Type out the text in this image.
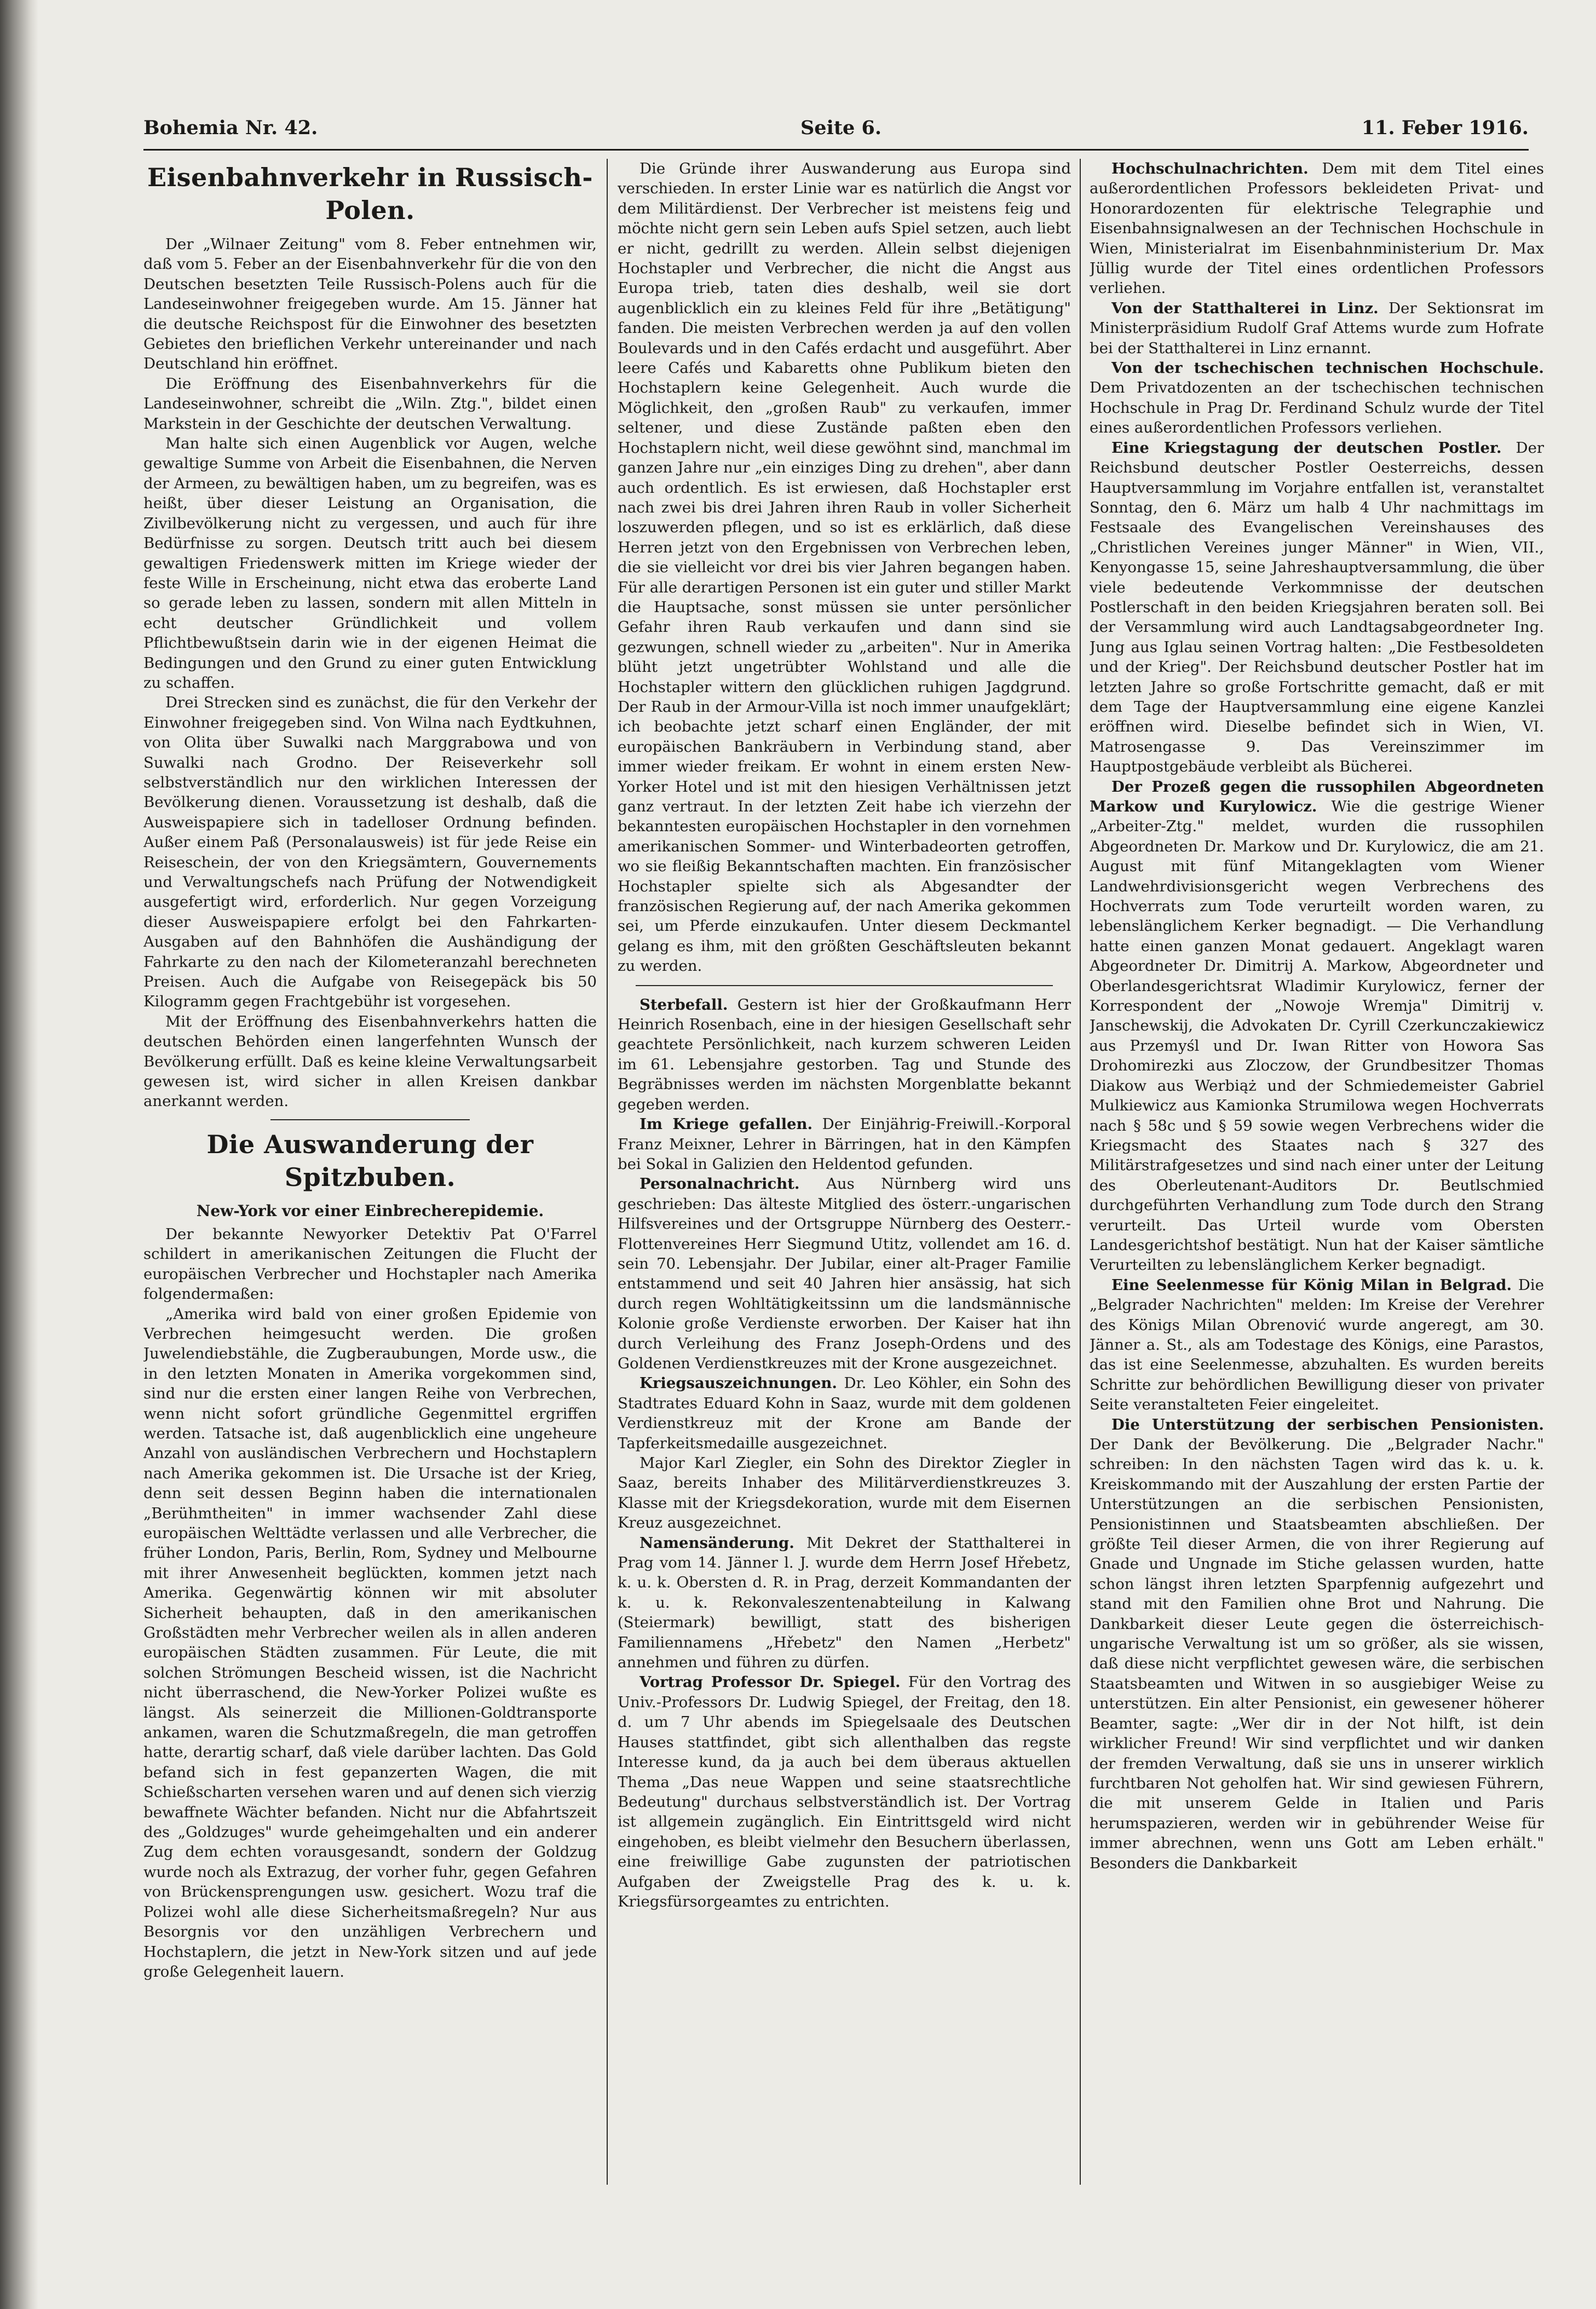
Bohemia Nr. 42.	Seite 6.	11. Feber 1916.
Eisenbahnverkehr in Russisch-Polen.

Der „Wilnaer Zeitung" vom 8. Feber entnehmen wir, daß vom 5. Feber an der Eisenbahnverkehr für die von den Deutschen besetzten Teile Russisch-Polens auch für die Landeseinwohner freigegeben wurde. Am 15. Jänner hat die deutsche Reichspost für die Einwohner des besetzten Gebietes den brieflichen Verkehr untereinander und nach Deutschland hin eröffnet.

Die Eröffnung des Eisenbahnverkehrs für die Landeseinwohner, schreibt die „Wiln. Ztg.", bildet einen Markstein in der Geschichte der deutschen Verwaltung.

Man halte sich einen Augenblick vor Augen, welche gewaltige Summe von Arbeit die Eisenbahnen, die Nerven der Armeen, zu bewältigen haben, um zu begreifen, was es heißt, über dieser Leistung an Organisation, die Zivilbevölkerung nicht zu vergessen, und auch für ihre Bedürfnisse zu sorgen. Deutsch tritt auch bei diesem gewaltigen Friedenswerk mitten im Kriege wieder der feste Wille in Erscheinung, nicht etwa das eroberte Land so gerade leben zu lassen, sondern mit allen Mitteln in echt deutscher Gründlichkeit und vollem Pflichtbewußtsein darin wie in der eigenen Heimat die Bedingungen und den Grund zu einer guten Entwicklung zu schaffen.

Drei Strecken sind es zunächst, die für den Verkehr der Einwohner freigegeben sind. Von Wilna nach Eydtkuhnen, von Olita über Suwalki nach Marggrabowa und von Suwalki nach Grodno. Der Reiseverkehr soll selbstverständlich nur den wirklichen Interessen der Bevölkerung dienen. Voraussetzung ist deshalb, daß die Ausweispapiere sich in tadelloser Ordnung befinden. Außer einem Paß (Personalausweis) ist für jede Reise ein Reiseschein, der von den Kriegsämtern, Gouvernements und Verwaltungschefs nach Prüfung der Notwendigkeit ausgefertigt wird, erforderlich. Nur gegen Vorzeigung dieser Ausweispapiere erfolgt bei den Fahrkarten-Ausgaben auf den Bahnhöfen die Aushändigung der Fahrkarte zu den nach der Kilometeranzahl berechneten Preisen. Auch die Aufgabe von Reisegepäck bis 50 Kilogramm gegen Frachtgebühr ist vorgesehen.

Mit der Eröffnung des Eisenbahnverkehrs hatten die deutschen Behörden einen langerfehnten Wunsch der Bevölkerung erfüllt. Daß es keine kleine Verwaltungsarbeit gewesen ist, wird sicher in allen Kreisen dankbar anerkannt werden.

Die Auswanderung der Spitzbuben.
New-York vor einer Einbrecherepidemie.

Der bekannte Newyorker Detektiv Pat O'Farrel schildert in amerikanischen Zeitungen die Flucht der europäischen Verbrecher und Hochstapler nach Amerika folgendermaßen:

„Amerika wird bald von einer großen Epidemie von Verbrechen heimgesucht werden. Die großen Juwelendiebstähle, die Zugberaubungen, Morde usw., die in den letzten Monaten in Amerika vorgekommen sind, sind nur die ersten einer langen Reihe von Verbrechen, wenn nicht sofort gründliche Gegenmittel ergriffen werden. Tatsache ist, daß augenblicklich eine ungeheure Anzahl von ausländischen Verbrechern und Hochstaplern nach Amerika gekommen ist. Die Ursache ist der Krieg, denn seit dessen Beginn haben die internationalen „Berühmtheiten" in immer wachsender Zahl diese europäischen Welttädte verlassen und alle Verbrecher, die früher London, Paris, Berlin, Rom, Sydney und Melbourne mit ihrer Anwesenheit beglückten, kommen jetzt nach Amerika. Gegenwärtig können wir mit absoluter Sicherheit behaupten, daß in den amerikanischen Großstädten mehr Verbrecher weilen als in allen anderen europäischen Städten zusammen. Für Leute, die mit solchen Strömungen Bescheid wissen, ist die Nachricht nicht überraschend, die New-Yorker Polizei wußte es längst. Als seinerzeit die Millionen-Goldtransporte ankamen, waren die Schutzmaßregeln, die man getroffen hatte, derartig scharf, daß viele darüber lachten. Das Gold befand sich in fest gepanzerten Wagen, die mit Schießscharten versehen waren und auf denen sich vierzig bewaffnete Wächter befanden. Nicht nur die Abfahrtszeit des „Goldzuges" wurde geheimgehalten und ein anderer Zug dem echten vorausgesandt, sondern der Goldzug wurde noch als Extrazug, der vorher fuhr, gegen Gefahren von Brückensprengungen usw. gesichert. Wozu traf die Polizei wohl alle diese Sicherheitsmaßregeln? Nur aus Besorgnis vor den unzähligen Verbrechern und Hochstaplern, die jetzt in New-York sitzen und auf jede große Gelegenheit lauern.

Die Gründe ihrer Auswanderung aus Europa sind verschieden. In erster Linie war es natürlich die Angst vor dem Militärdienst. Der Verbrecher ist meistens feig und möchte nicht gern sein Leben aufs Spiel setzen, auch liebt er nicht, gedrillt zu werden. Allein selbst diejenigen Hochstapler und Verbrecher, die nicht die Angst aus Europa trieb, taten dies deshalb, weil sie dort augenblicklich ein zu kleines Feld für ihre „Betätigung" fanden. Die meisten Verbrechen werden ja auf den vollen Boulevards und in den Cafés erdacht und ausgeführt. Aber leere Cafés und Kabaretts ohne Publikum bieten den Hochstaplern keine Gelegenheit. Auch wurde die Möglichkeit, den „großen Raub" zu verkaufen, immer seltener, und diese Zustände paßten eben den Hochstaplern nicht, weil diese gewöhnt sind, manchmal im ganzen Jahre nur „ein einziges Ding zu drehen", aber dann auch ordentlich. Es ist erwiesen, daß Hochstapler erst nach zwei bis drei Jahren ihren Raub in voller Sicherheit loszuwerden pflegen, und so ist es erklärlich, daß diese Herren jetzt von den Ergebnissen von Verbrechen leben, die sie vielleicht vor drei bis vier Jahren begangen haben. Für alle derartigen Personen ist ein guter und stiller Markt die Hauptsache, sonst müssen sie unter persönlicher Gefahr ihren Raub verkaufen und dann sind sie gezwungen, schnell wieder zu „arbeiten". Nur in Amerika blüht jetzt ungetrübter Wohlstand und alle die Hochstapler wittern den glücklichen ruhigen Jagdgrund. Der Raub in der Armour-Villa ist noch immer unaufgeklärt; ich beobachte jetzt scharf einen Engländer, der mit europäischen Bankräubern in Verbindung stand, aber immer wieder freikam. Er wohnt in einem ersten New-Yorker Hotel und ist mit den hiesigen Verhältnissen jetzt ganz vertraut. In der letzten Zeit habe ich vierzehn der bekanntesten europäischen Hochstapler in den vornehmen amerikanischen Sommer- und Winterbadeorten getroffen, wo sie fleißig Bekanntschaften machten. Ein französischer Hochstapler spielte sich als Abgesandter der französischen Regierung auf, der nach Amerika gekommen sei, um Pferde einzukaufen. Unter diesem Deckmantel gelang es ihm, mit den größten Geschäftsleuten bekannt zu werden.

Sterbefall. Gestern ist hier der Großkaufmann Herr Heinrich Rosenbach, eine in der hiesigen Gesellschaft sehr geachtete Persönlichkeit, nach kurzem schweren Leiden im 61. Lebensjahre gestorben. Tag und Stunde des Begräbnisses werden im nächsten Morgenblatte bekannt gegeben werden.

Im Kriege gefallen. Der Einjährig-Freiwill.-Korporal Franz Meixner, Lehrer in Bärringen, hat in den Kämpfen bei Sokal in Galizien den Heldentod gefunden.

Personalnachricht. Aus Nürnberg wird uns geschrieben: Das älteste Mitglied des österr.-ungarischen Hilfsvereines und der Ortsgruppe Nürnberg des Oesterr.-Flottenvereines Herr Siegmund Utitz, vollendet am 16. d. sein 70. Lebensjahr. Der Jubilar, einer alt-Prager Familie entstammend und seit 40 Jahren hier ansässig, hat sich durch regen Wohltätigkeitssinn um die landsmännische Kolonie große Verdienste erworben. Der Kaiser hat ihn durch Verleihung des Franz Joseph-Ordens und des Goldenen Verdienstkreuzes mit der Krone ausgezeichnet.

Kriegsauszeichnungen. Dr. Leo Köhler, ein Sohn des Stadtrates Eduard Kohn in Saaz, wurde mit dem goldenen Verdienstkreuz mit der Krone am Bande der Tapferkeitsmedaille ausgezeichnet.

Major Karl Ziegler, ein Sohn des Direktor Ziegler in Saaz, bereits Inhaber des Militärverdienstkreuzes 3. Klasse mit der Kriegsdekoration, wurde mit dem Eisernen Kreuz ausgezeichnet.

Namensänderung. Mit Dekret der Statthalterei in Prag vom 14. Jänner l. J. wurde dem Herrn Josef Hřebetz, k. u. k. Obersten d. R. in Prag, derzeit Kommandanten der k. u. k. Rekonvaleszentenabteilung in Kalwang (Steiermark) bewilligt, statt des bisherigen Familiennamens „Hřebetz" den Namen „Herbetz" annehmen und führen zu dürfen.

Vortrag Professor Dr. Spiegel. Für den Vortrag des Univ.-Professors Dr. Ludwig Spiegel, der Freitag, den 18. d. um 7 Uhr abends im Spiegelsaale des Deutschen Hauses stattfindet, gibt sich allenthalben das regste Interesse kund, da ja auch bei dem überaus aktuellen Thema „Das neue Wappen und seine staatsrechtliche Bedeutung" durchaus selbstverständlich ist. Der Vortrag ist allgemein zugänglich. Ein Eintrittsgeld wird nicht eingehoben, es bleibt vielmehr den Besuchern überlassen, eine freiwillige Gabe zugunsten der patriotischen Aufgaben der Zweigstelle Prag des k. u. k. Kriegsfürsorgeamtes zu entrichten.

Hochschulnachrichten. Dem mit dem Titel eines außerordentlichen Professors bekleideten Privat- und Honorardozenten für elektrische Telegraphie und Eisenbahnsignalwesen an der Technischen Hochschule in Wien, Ministerialrat im Eisenbahnministerium Dr. Max Jüllig wurde der Titel eines ordentlichen Professors verliehen.

Von der Statthalterei in Linz. Der Sektionsrat im Ministerpräsidium Rudolf Graf Attems wurde zum Hofrate bei der Statthalterei in Linz ernannt.

Von der tschechischen technischen Hochschule. Dem Privatdozenten an der tschechischen technischen Hochschule in Prag Dr. Ferdinand Schulz wurde der Titel eines außerordentlichen Professors verliehen.

Eine Kriegstagung der deutschen Postler. Der Reichsbund deutscher Postler Oesterreichs, dessen Hauptversammlung im Vorjahre entfallen ist, veranstaltet Sonntag, den 6. März um halb 4 Uhr nachmittags im Festsaale des Evangelischen Vereinshauses des „Christlichen Vereines junger Männer" in Wien, VII., Kenyongasse 15, seine Jahreshauptversammlung, die über viele bedeutende Verkommnisse der deutschen Postlerschaft in den beiden Kriegsjahren beraten soll. Bei der Versammlung wird auch Landtagsabgeordneter Ing. Jung aus Iglau seinen Vortrag halten: „Die Festbesoldeten und der Krieg". Der Reichsbund deutscher Postler hat im letzten Jahre so große Fortschritte gemacht, daß er mit dem Tage der Hauptversammlung eine eigene Kanzlei eröffnen wird. Dieselbe befindet sich in Wien, VI. Matrosengasse 9. Das Vereinszimmer im Hauptpostgebäude verbleibt als Bücherei.

Der Prozeß gegen die russophilen Abgeordneten Markow und Kurylowicz. Wie die gestrige Wiener „Arbeiter-Ztg." meldet, wurden die russophilen Abgeordneten Dr. Markow und Dr. Kurylowicz, die am 21. August mit fünf Mitangeklagten vom Wiener Landwehrdivisionsgericht wegen Verbrechens des Hochverrats zum Tode verurteilt worden waren, zu lebenslänglichem Kerker begnadigt. — Die Verhandlung hatte einen ganzen Monat gedauert. Angeklagt waren Abgeordneter Dr. Dimitrij A. Markow, Abgeordneter und Oberlandesgerichtsrat Wladimir Kurylowicz, ferner der Korrespondent der „Nowoje Wremja" Dimitrij v. Janschewskij, die Advokaten Dr. Cyrill Czerkunczakiewicz aus Przemyśl und Dr. Iwan Ritter von Howora Sas Drohomirezki aus Zloczow, der Grundbesitzer Thomas Diakow aus Werbiąż und der Schmiedemeister Gabriel Mulkiewicz aus Kamionka Strumilowa wegen Hochverrats nach § 58c und § 59 sowie wegen Verbrechens wider die Kriegsmacht des Staates nach § 327 des Militärstrafgesetzes und sind nach einer unter der Leitung des Oberleutenant-Auditors Dr. Beutlschmied durchgeführten Verhandlung zum Tode durch den Strang verurteilt. Das Urteil wurde vom Obersten Landesgerichtshof bestätigt. Nun hat der Kaiser sämtliche Verurteilten zu lebenslänglichem Kerker begnadigt.

Eine Seelenmesse für König Milan in Belgrad. Die „Belgrader Nachrichten" melden: Im Kreise der Verehrer des Königs Milan Obrenović wurde angeregt, am 30. Jänner a. St., als am Todestage des Königs, eine Parastos, das ist eine Seelenmesse, abzuhalten. Es wurden bereits Schritte zur behördlichen Bewilligung dieser von privater Seite veranstalteten Feier eingeleitet.

Die Unterstützung der serbischen Pensionisten. Der Dank der Bevölkerung. Die „Belgrader Nachr." schreiben: In den nächsten Tagen wird das k. u. k. Kreiskommando mit der Auszahlung der ersten Partie der Unterstützungen an die serbischen Pensionisten, Pensionistinnen und Staatsbeamten abschließen. Der größte Teil dieser Armen, die von ihrer Regierung auf Gnade und Ungnade im Stiche gelassen wurden, hatte schon längst ihren letzten Sparpfennig aufgezehrt und stand mit den Familien ohne Brot und Nahrung. Die Dankbarkeit dieser Leute gegen die österreichisch-ungarische Verwaltung ist um so größer, als sie wissen, daß diese nicht verpflichtet gewesen wäre, die serbischen Staatsbeamten und Witwen in so ausgiebiger Weise zu unterstützen. Ein alter Pensionist, ein gewesener höherer Beamter, sagte: „Wer dir in der Not hilft, ist dein wirklicher Freund! Wir sind verpflichtet und wir danken der fremden Verwaltung, daß sie uns in unserer wirklich furchtbaren Not geholfen hat. Wir sind gewiesen Führern, die mit unserem Gelde in Italien und Paris herumspazieren, werden wir in gebührender Weise für immer abrechnen, wenn uns Gott am Leben erhält." Besonders die Dankbarkeit
